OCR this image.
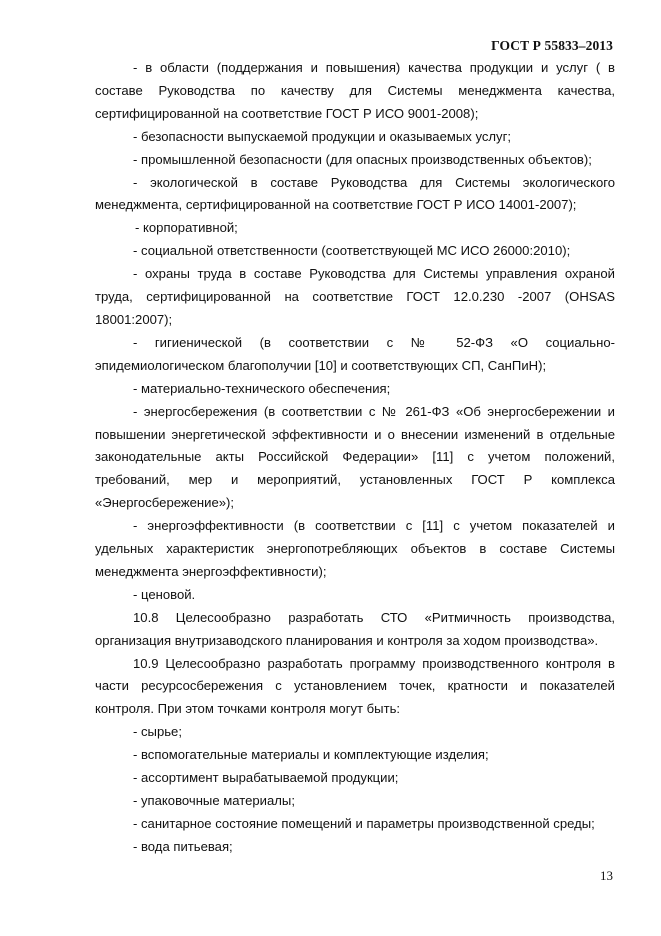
ГОСТ Р 55833–2013

- в области (поддержания и повышения) качества продукции и услуг ( в составе Руководства по качеству для Системы менеджмента качества, сертифицированной на соответствие ГОСТ Р ИСО 9001-2008);

- безопасности выпускаемой продукции и оказываемых услуг;

- промышленной безопасности (для опасных производственных объектов);

- экологической в составе Руководства для Системы экологического менеджмента, сертифицированной на соответствие ГОСТ Р ИСО 14001-2007);

- корпоративной;

- социальной ответственности (соответствующей МС ИСО 26000:2010);

- охраны труда в составе Руководства для Системы управления охраной труда, сертифицированной на соответствие ГОСТ 12.0.230 -2007 (OHSAS 18001:2007);

- гигиенической (в соответствии с № 52-ФЗ «О социально-эпидемиологическом благополучии [10] и соответствующих СП, СанПиН);

- материально-технического обеспечения;

- энергосбережения (в соответствии с № 261-ФЗ «Об энергосбережении и повышении энергетической эффективности и о внесении изменений в отдельные законодательные акты Российской Федерации» [11] с учетом положений, требований, мер и мероприятий, установленных ГОСТ Р комплекса «Энергосбережение»);

- энергоэффективности (в соответствии с [11] с учетом показателей и удельных характеристик энергопотребляющих объектов в составе Системы менеджмента энергоэффективности);

- ценовой.

10.8 Целесообразно разработать СТО «Ритмичность производства, организация внутризаводского планирования и контроля за ходом производства».

10.9 Целесообразно разработать программу производственного контроля в части ресурсосбережения с установлением точек, кратности и показателей контроля. При этом точками контроля могут быть:

- сырье;

- вспомогательные материалы и комплектующие изделия;

- ассортимент вырабатываемой продукции;

- упаковочные материалы;

- санитарное состояние помещений и параметры производственной среды;

- вода питьевая;

13
